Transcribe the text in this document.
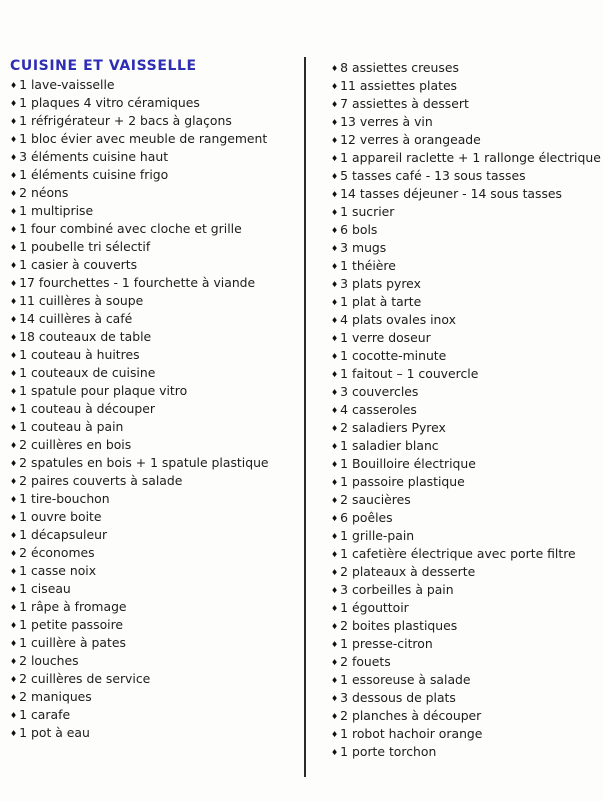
CUISINE ET VAISSELLE
♦ 1 lave-vaisselle
♦ 1 plaques 4 vitro céramiques
♦ 1 réfrigérateur + 2 bacs à glaçons
♦ 1 bloc évier avec meuble de rangement
♦ 3 éléments cuisine haut
♦ 1 éléments cuisine frigo
♦ 2 néons
♦ 1 multiprise
♦ 1 four combiné avec cloche et grille
♦ 1 poubelle tri sélectif
♦ 1 casier à couverts
♦ 17 fourchettes - 1 fourchette à viande
♦ 11 cuillères à soupe
♦ 14 cuillères à café
♦ 18 couteaux de table
♦ 1 couteau à huitres
♦ 1 couteaux de cuisine
♦ 1 spatule pour plaque vitro
♦ 1 couteau à découper
♦ 1 couteau à pain
♦ 2 cuillères en bois
♦ 2 spatules en bois + 1 spatule plastique
♦ 2 paires couverts à salade
♦ 1 tire-bouchon
♦ 1 ouvre boite
♦ 1 décapsuleur
♦ 2 économes
♦ 1 casse noix
♦ 1 ciseau
♦ 1 râpe à fromage
♦ 1 petite passoire
♦ 1 cuillère à pates
♦ 2 louches
♦ 2 cuillères de service
♦ 2 maniques
♦ 1 carafe
♦ 1 pot à eau
♦ 8 assiettes creuses
♦ 11 assiettes plates
♦ 7 assiettes à dessert
♦ 13 verres à vin
♦ 12 verres à orangeade
♦ 1 appareil raclette + 1 rallonge électrique
♦ 5 tasses café - 13 sous tasses
♦ 14 tasses déjeuner - 14 sous tasses
♦ 1 sucrier
♦ 6 bols
♦ 3 mugs
♦ 1 théière
♦ 3 plats pyrex
♦ 1 plat à tarte
♦ 4 plats ovales inox
♦ 1 verre doseur
♦ 1 cocotte-minute
♦ 1 faitout – 1 couvercle
♦ 3 couvercles
♦ 4 casseroles
♦ 2 saladiers Pyrex
♦ 1 saladier blanc
♦ 1 Bouilloire électrique
♦ 1 passoire plastique
♦ 2 saucières
♦ 6 poêles
♦ 1 grille-pain
♦ 1 cafetière électrique avec porte filtre
♦ 2 plateaux à desserte
♦ 3 corbeilles à pain
♦ 1 égouttoir
♦ 2 boites plastiques
♦ 1 presse-citron
♦ 2 fouets
♦ 1 essoreuse à salade
♦ 3 dessous de plats
♦ 2 planches à découper
♦ 1 robot hachoir orange
♦ 1 porte torchon
